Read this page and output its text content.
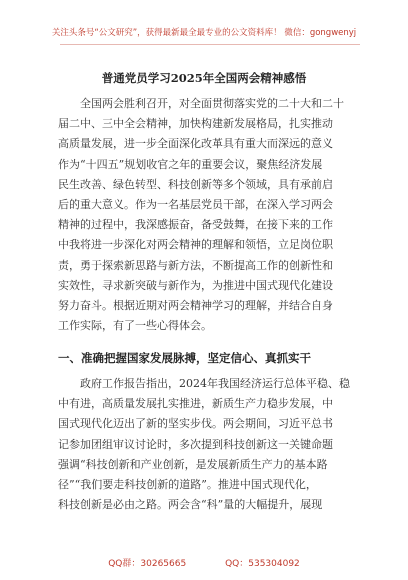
关注头条号“公文研究”，获得最新最全最专业的公文资料库！ 微信：gongwenyj
普通党员学习2025年全国两会精神感悟
全国两会胜利召开，对全面贯彻落实党的二十大和二十
届二中、三中全会精神，加快构建新发展格局，扎实推动
高质量发展，进一步全面深化改革具有重大而深远的意义
作为“十四五”规划收官之年的重要会议，聚焦经济发展
民生改善、绿色转型、科技创新等多个领域，具有承前启
后的重大意义。作为一名基层党员干部，在深入学习两会
精神的过程中，我深感振奋，备受鼓舞，在接下来的工作
中我将进一步深化对两会精神的理解和领悟，立足岗位职
责，勇于探索新思路与新方法，不断提高工作的创新性和
实效性，寻求新突破与新作为，为推进中国式现代化建设
努力奋斗。根据近期对两会精神学习的理解，并结合自身
工作实际，有了一些心得体会。
一、准确把握国家发展脉搏，坚定信心、真抓实干
政府工作报告指出，2024年我国经济运行总体平稳、稳
中有进，高质量发展扎实推进，新质生产力稳步发展，中
国式现代化迈出了新的坚实步伐。两会期间，习近平总书
记参加团组审议讨论时，多次提到科技创新这一关键命题
强调“科技创新和产业创新，是发展新质生产力的基本路
径”“我们要走科技创新的道路”。推进中国式现代化，
科技创新是必由之路。两会含“科”量的大幅提升，展现
QQ群：30265665	QQ：535304092
